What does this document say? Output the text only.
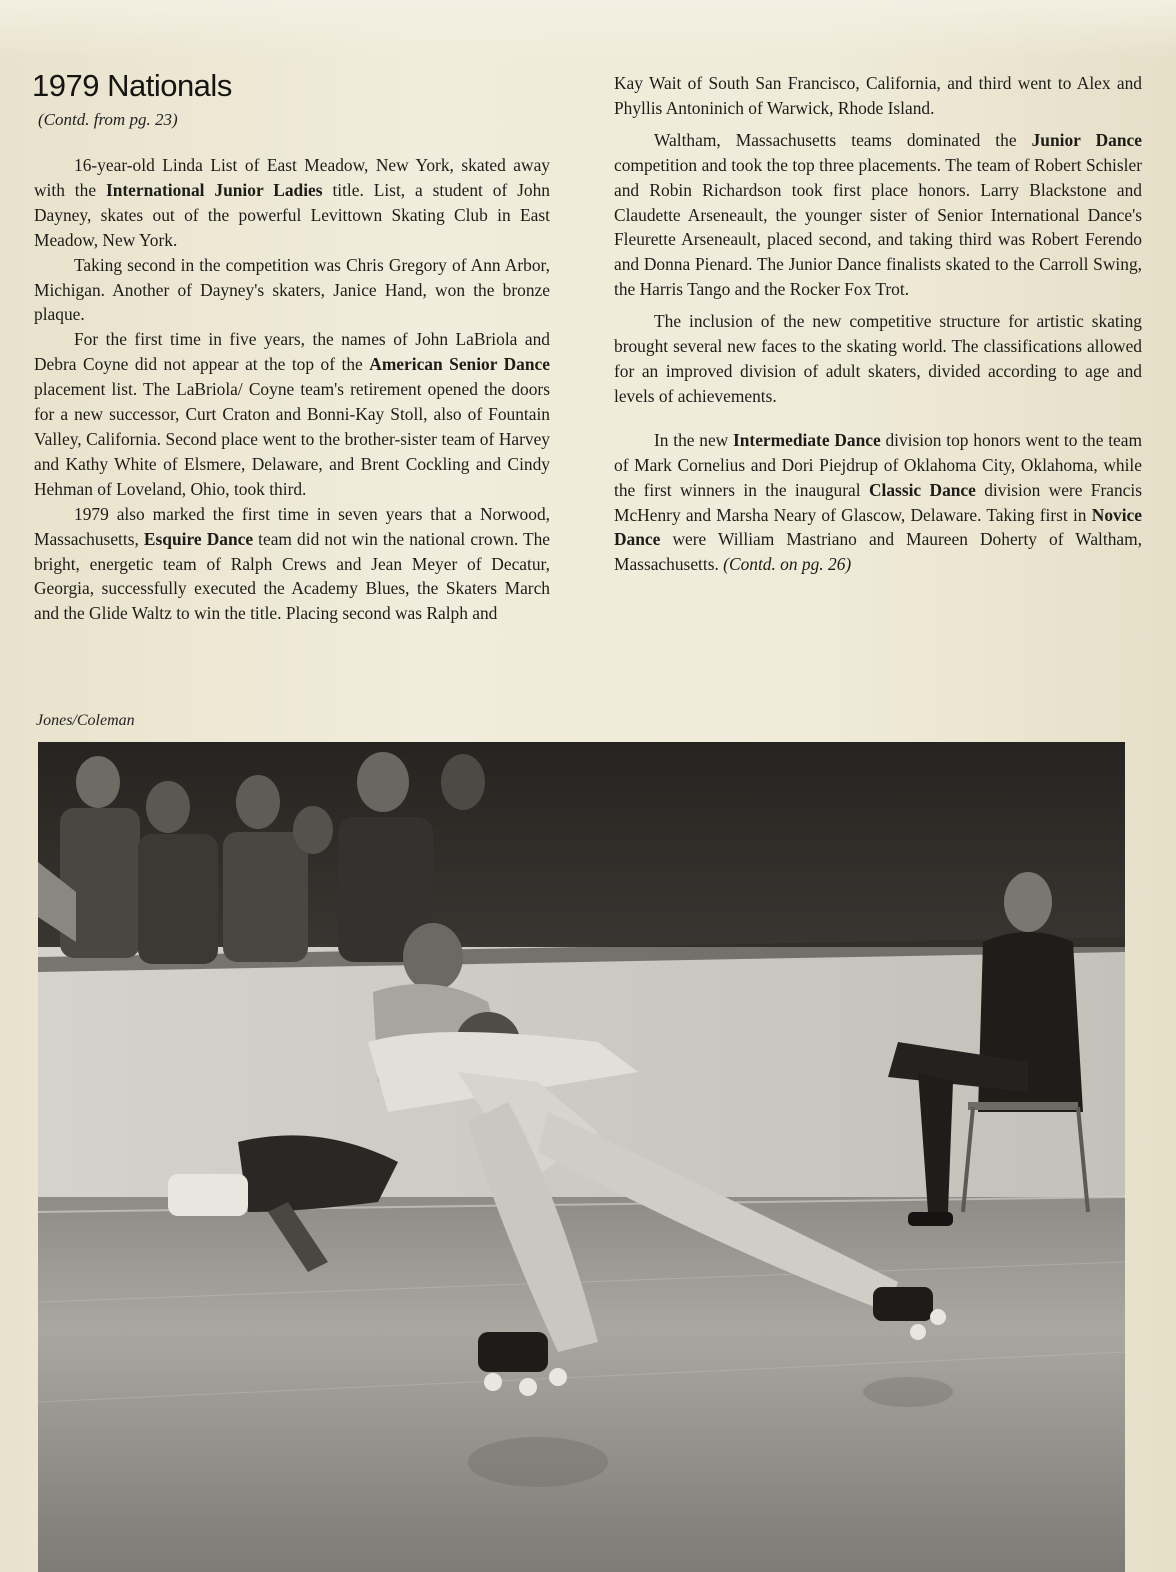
1979 Nationals
(Contd. from pg. 23)

16-year-old Linda List of East Meadow, New York, skated away with the International Junior Ladies title. List, a student of John Dayney, skates out of the powerful Levittown Skating Club in East Meadow, New York.

Taking second in the competition was Chris Gregory of Ann Arbor, Michigan. Another of Dayney's skaters, Janice Hand, won the bronze plaque.

For the first time in five years, the names of John LaBriola and Debra Coyne did not appear at the top of the American Senior Dance placement list. The LaBriola/ Coyne team's retirement opened the doors for a new successor, Curt Craton and Bonni-Kay Stoll, also of Fountain Valley, California. Second place went to the brother-sister team of Harvey and Kathy White of Elsmere, Delaware, and Brent Cockling and Cindy Hehman of Loveland, Ohio, took third.

1979 also marked the first time in seven years that a Norwood, Massachusetts, Esquire Dance team did not win the national crown. The bright, energetic team of Ralph Crews and Jean Meyer of Decatur, Georgia, successfully executed the Academy Blues, the Skaters March and the Glide Waltz to win the title. Placing second was Ralph and

Kay Wait of South San Francisco, California, and third went to Alex and Phyllis Antoninich of Warwick, Rhode Island.

Waltham, Massachusetts teams dominated the Junior Dance competition and took the top three placements. The team of Robert Schisler and Robin Richardson took first place honors. Larry Blackstone and Claudette Arseneault, the younger sister of Senior International Dance's Fleurette Arseneault, placed second, and taking third was Robert Ferendo and Donna Pienard. The Junior Dance finalists skated to the Carroll Swing, the Harris Tango and the Rocker Fox Trot.

The inclusion of the new competitive structure for artistic skating brought several new faces to the skating world. The classifications allowed for an improved division of adult skaters, divided according to age and levels of achievements.

In the new Intermediate Dance division top honors went to the team of Mark Cornelius and Dori Piejdrup of Oklahoma City, Oklahoma, while the first winners in the inaugural Classic Dance division were Francis McHenry and Marsha Neary of Glascow, Delaware. Taking first in Novice Dance were William Mastriano and Maureen Doherty of Waltham, Massachusetts. (Contd. on pg. 26)

Jones/Coleman
